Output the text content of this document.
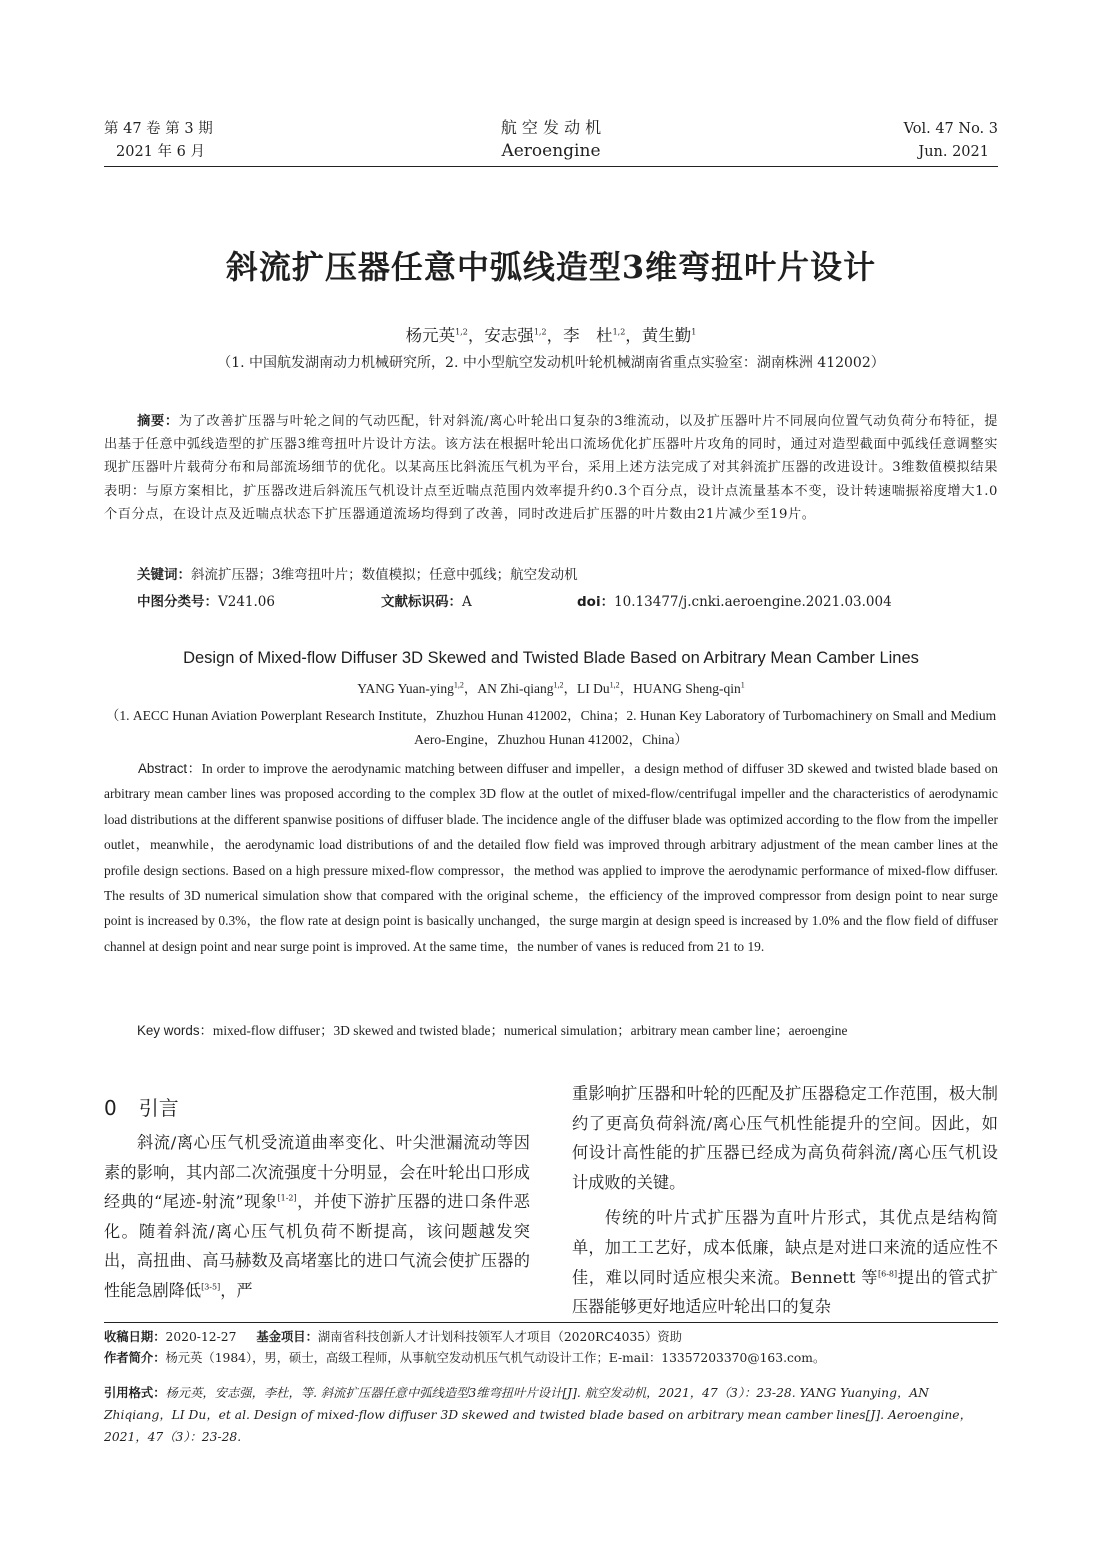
第 47 卷 第 3 期
2021 年 6 月
航 空 发 动 机
Aeroengine
Vol. 47 No. 3
Jun. 2021
斜流扩压器任意中弧线造型3维弯扭叶片设计
杨元英$^{1,2}$，安志强$^{1,2}$，李　杜$^{1,2}$，黄生勤$^1$
（1. 中国航发湖南动力机械研究所，2. 中小型航空发动机叶轮机械湖南省重点实验室：湖南株洲 412002）
摘要：为了改善扩压器与叶轮之间的气动匹配，针对斜流/离心叶轮出口复杂的3维流动，以及扩压器叶片不同展向位置气动负荷分布特征，提出基于任意中弧线造型的扩压器3维弯扭叶片设计方法。该方法在根据叶轮出口流场优化扩压器叶片攻角的同时，通过对造型截面中弧线任意调整实现扩压器叶片载荷分布和局部流场细节的优化。以某高压比斜流压气机为平台，采用上述方法完成了对其斜流扩压器的改进设计。3维数值模拟结果表明：与原方案相比，扩压器改进后斜流压气机设计点至近喘点范围内效率提升约0.3个百分点，设计点流量基本不变，设计转速喘振裕度增大1.0个百分点，在设计点及近喘点状态下扩压器通道流场均得到了改善，同时改进后扩压器的叶片数由21片减少至19片。
关键词：斜流扩压器；3维弯扭叶片；数值模拟；任意中弧线；航空发动机
中图分类号：V241.06	文献标识码：A	doi：10.13477/j.cnki.aeroengine.2021.03.004
Design of Mixed-flow Diffuser 3D Skewed and Twisted Blade Based on Arbitrary Mean Camber Lines
YANG Yuan-ying$^{1,2}$，AN Zhi-qiang$^{1,2}$，LI Du$^{1,2}$，HUANG Sheng-qin$^1$
（1. AECC Hunan Aviation Powerplant Research Institute，Zhuzhou Hunan 412002，China；2. Hunan Key Laboratory of Turbomachinery on Small and Medium Aero-Engine，Zhuzhou Hunan 412002，China）
Abstract：In order to improve the aerodynamic matching between diffuser and impeller，a design method of diffuser 3D skewed and twisted blade based on arbitrary mean camber lines was proposed according to the complex 3D flow at the outlet of mixed-flow/centrifugal impeller and the characteristics of aerodynamic load distributions at the different spanwise positions of diffuser blade. The incidence angle of the diffuser blade was optimized according to the flow from the impeller outlet，meanwhile，the aerodynamic load distributions of and the detailed flow field was improved through arbitrary adjustment of the mean camber lines at the profile design sections. Based on a high pressure mixed-flow compressor，the method was applied to improve the aerodynamic performance of mixed-flow diffuser. The results of 3D numerical simulation show that compared with the original scheme，the efficiency of the improved compressor from design point to near surge point is increased by 0.3%，the flow rate at design point is basically unchanged，the surge margin at design speed is increased by 1.0% and the flow field of diffuser channel at design point and near surge point is improved. At the same time，the number of vanes is reduced from 21 to 19.
Key words：mixed-flow diffuser；3D skewed and twisted blade；numerical simulation；arbitrary mean camber line；aeroengine
0 引言
斜流/离心压气机受流道曲率变化、叶尖泄漏流动等因素的影响，其内部二次流强度十分明显，会在叶轮出口形成经典的“尾迹-射流”现象[1-2]，并使下游扩压器的进口条件恶化。随着斜流/离心压气机负荷不断提高，该问题越发突出，高扭曲、高马赫数及高堵塞比的进口气流会使扩压器的性能急剧降低[3-5]，严
重影响扩压器和叶轮的匹配及扩压器稳定工作范围，极大制约了更高负荷斜流/离心压气机性能提升的空间。因此，如何设计高性能的扩压器已经成为高负荷斜流/离心压气机设计成败的关键。
传统的叶片式扩压器为直叶片形式，其优点是结构简单，加工工艺好，成本低廉，缺点是对进口来流的适应性不佳，难以同时适应根尖来流。Bennett 等[6-8]提出的管式扩压器能够更好地适应叶轮出口的复杂
收稿日期：2020-12-27 基金项目：湖南省科技创新人才计划科技领军人才项目（2020RC4035）资助
作者简介：杨元英（1984），男，硕士，高级工程师，从事航空发动机压气机气动设计工作；E-mail：13357203370@163.com。
引用格式：杨元英，安志强，李杜，等. 斜流扩压器任意中弧线造型3维弯扭叶片设计[J]. 航空发动机，2021，47（3）：23-28. YANG Yuanying，AN Zhiqiang，LI Du，et al. Design of mixed-flow diffuser 3D skewed and twisted blade based on arbitrary mean camber lines[J]. Aeroengine，2021，47（3）：23-28.
